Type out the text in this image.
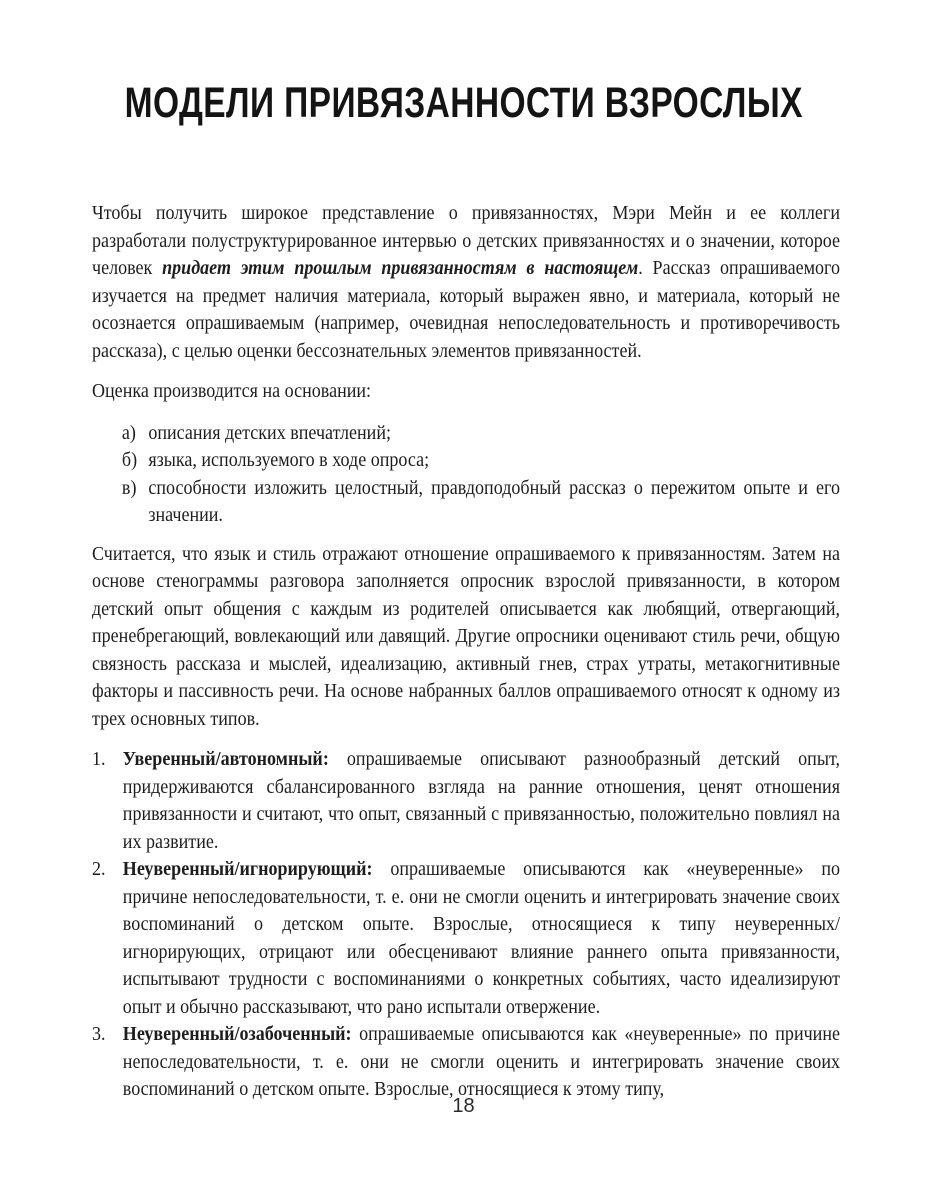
МОДЕЛИ ПРИВЯЗАННОСТИ ВЗРОСЛЫХ

Чтобы получить широкое представление о привязанностях, Мэри Мейн и ее коллеги разработали полуструктурированное интервью о детских привязанностях и о значении, которое человек придает этим прошлым привязанностям в настоящем. Рассказ опрашиваемого изучается на предмет наличия материала, который выражен явно, и материала, который не осознается опрашиваемым (например, очевидная непоследовательность и противоречивость рассказа), с целью оценки бессознательных элементов привязанностей.

Оценка производится на основании:

а) описания детских впечатлений;
б) языка, используемого в ходе опроса;
в) способности изложить целостный, правдоподобный рассказ о пережитом опыте и его значении.

Считается, что язык и стиль отражают отношение опрашиваемого к привязанностям. Затем на основе стенограммы разговора заполняется опросник взрослой привязанности, в котором детский опыт общения с каждым из родителей описывается как любящий, отвергающий, пренебрегающий, вовлекающий или давящий. Другие опросники оценивают стиль речи, общую связность рассказа и мыслей, идеализацию, активный гнев, страх утраты, метакогнитивные факторы и пассивность речи. На основе набранных баллов опрашиваемого относят к одному из трех основных типов.

1. Уверенный/автономный: опрашиваемые описывают разнообразный детский опыт, придерживаются сбалансированного взгляда на ранние отношения, ценят отношения привязанности и считают, что опыт, связанный с привязанностью, положительно повлиял на их развитие.
2. Неуверенный/игнорирующий: опрашиваемые описываются как «неуверенные» по причине непоследовательности, т. е. они не смогли оценить и интегрировать значение своих воспоминаний о детском опыте. Взрослые, относящиеся к типу неуверенных/игнорирующих, отрицают или обесценивают влияние раннего опыта привязанности, испытывают трудности с воспоминаниями о конкретных событиях, часто идеализируют опыт и обычно рассказывают, что рано испытали отвержение.
3. Неуверенный/озабоченный: опрашиваемые описываются как «неуверенные» по причине непоследовательности, т. е. они не смогли оценить и интегрировать значение своих воспоминаний о детском опыте. Взрослые, относящиеся к этому типу,
18
